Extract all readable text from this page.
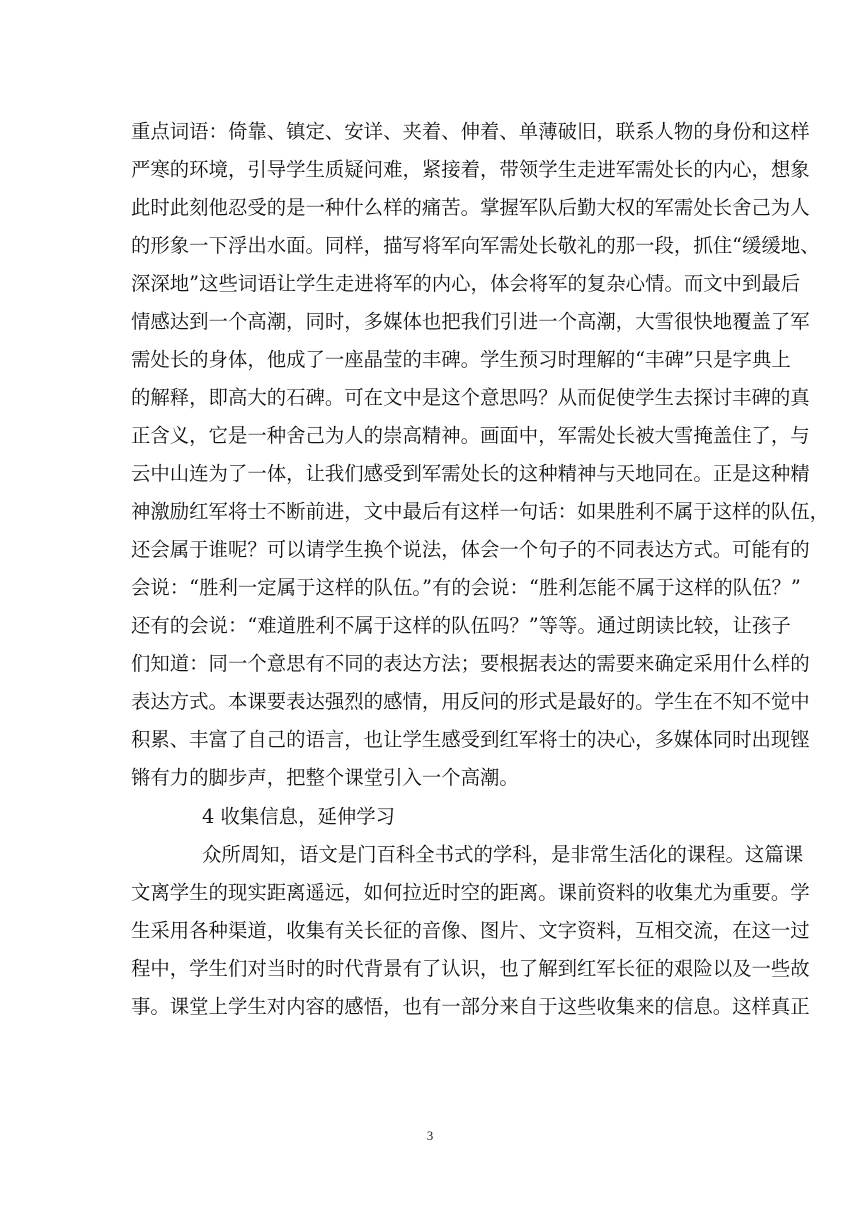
重点词语：倚靠、镇定、安详、夹着、伸着、单薄破旧，联系人物的身份和这样
严寒的环境，引导学生质疑问难，紧接着，带领学生走进军需处长的内心，想象
此时此刻他忍受的是一种什么样的痛苦。掌握军队后勤大权的军需处长舍己为人
的形象一下浮出水面。同样，描写将军向军需处长敬礼的那一段，抓住“缓缓地、
深深地”这些词语让学生走进将军的内心，体会将军的复杂心情。而文中到最后
情感达到一个高潮，同时，多媒体也把我们引进一个高潮，大雪很快地覆盖了军
需处长的身体，他成了一座晶莹的丰碑。学生预习时理解的“丰碑”只是字典上
的解释，即高大的石碑。可在文中是这个意思吗？从而促使学生去探讨丰碑的真
正含义，它是一种舍己为人的崇高精神。画面中，军需处长被大雪掩盖住了，与
云中山连为了一体，让我们感受到军需处长的这种精神与天地同在。正是这种精
神激励红军将士不断前进，文中最后有这样一句话：如果胜利不属于这样的队伍，
还会属于谁呢？可以请学生换个说法，体会一个句子的不同表达方式。可能有的
会说：“胜利一定属于这样的队伍。”有的会说：“胜利怎能不属于这样的队伍？”
还有的会说：“难道胜利不属于这样的队伍吗？”等等。通过朗读比较，让孩子
们知道：同一个意思有不同的表达方法；要根据表达的需要来确定采用什么样的
表达方式。本课要表达强烈的感情，用反问的形式是最好的。学生在不知不觉中
积累、丰富了自己的语言，也让学生感受到红军将士的决心，多媒体同时出现铿
锵有力的脚步声，把整个课堂引入一个高潮。
4 收集信息，延伸学习
众所周知，语文是门百科全书式的学科，是非常生活化的课程。这篇课
文离学生的现实距离遥远，如何拉近时空的距离。课前资料的收集尤为重要。学
生采用各种渠道，收集有关长征的音像、图片、文字资料，互相交流，在这一过
程中，学生们对当时的时代背景有了认识，也了解到红军长征的艰险以及一些故
事。课堂上学生对内容的感悟，也有一部分来自于这些收集来的信息。这样真正
3
